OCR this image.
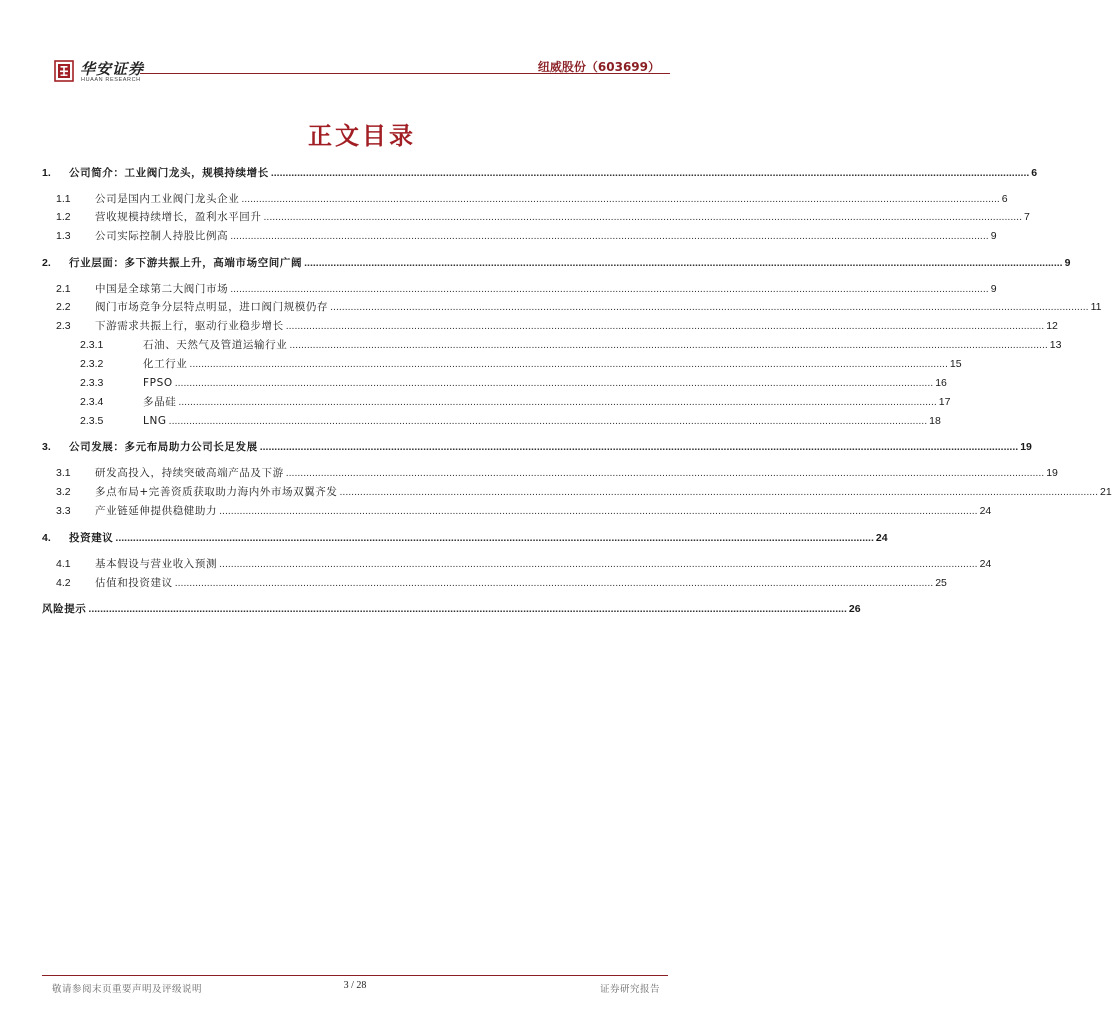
华安证券
HUAAN RESEARCH
纽威股份（603699）
正文目录
1.	公司简介：工业阀门龙头，规模持续增长 .................................................................................................................................................................................................................................................................... 6
1.1	公司是国内工业阀门龙头企业 .................................................................................................................................................................................................................................................................... 6
1.2	营收规模持续增长，盈利水平回升 .................................................................................................................................................................................................................................................................... 7
1.3	公司实际控制人持股比例高 .................................................................................................................................................................................................................................................................... 9
2.	行业层面：多下游共振上升，高端市场空间广阔 .................................................................................................................................................................................................................................................................... 9
2.1	中国是全球第二大阀门市场 .................................................................................................................................................................................................................................................................... 9
2.2	阀门市场竞争分层特点明显，进口阀门规模仍存 .................................................................................................................................................................................................................................................................... 11
2.3	下游需求共振上行，驱动行业稳步增长 .................................................................................................................................................................................................................................................................... 12
2.3.1	石油、天然气及管道运输行业 .................................................................................................................................................................................................................................................................... 13
2.3.2	化工行业 .................................................................................................................................................................................................................................................................... 15
2.3.3	FPSO .................................................................................................................................................................................................................................................................... 16
2.3.4	多晶硅 .................................................................................................................................................................................................................................................................... 17
2.3.5	LNG .................................................................................................................................................................................................................................................................... 18
3.	公司发展：多元布局助力公司长足发展 .................................................................................................................................................................................................................................................................... 19
3.1	研发高投入，持续突破高端产品及下游 .................................................................................................................................................................................................................................................................... 19
3.2	多点布局+完善资质获取助力海内外市场双翼齐发 .................................................................................................................................................................................................................................................................... 21
3.3	产业链延伸提供稳健助力 .................................................................................................................................................................................................................................................................... 24
4.	投资建议 .................................................................................................................................................................................................................................................................... 24
4.1	基本假设与营业收入预测 .................................................................................................................................................................................................................................................................... 24
4.2	估值和投资建议 .................................................................................................................................................................................................................................................................... 25
风险提示 .................................................................................................................................................................................................................................................................... 26
敬请参阅末页重要声明及评级说明	3 / 28	证券研究报告
